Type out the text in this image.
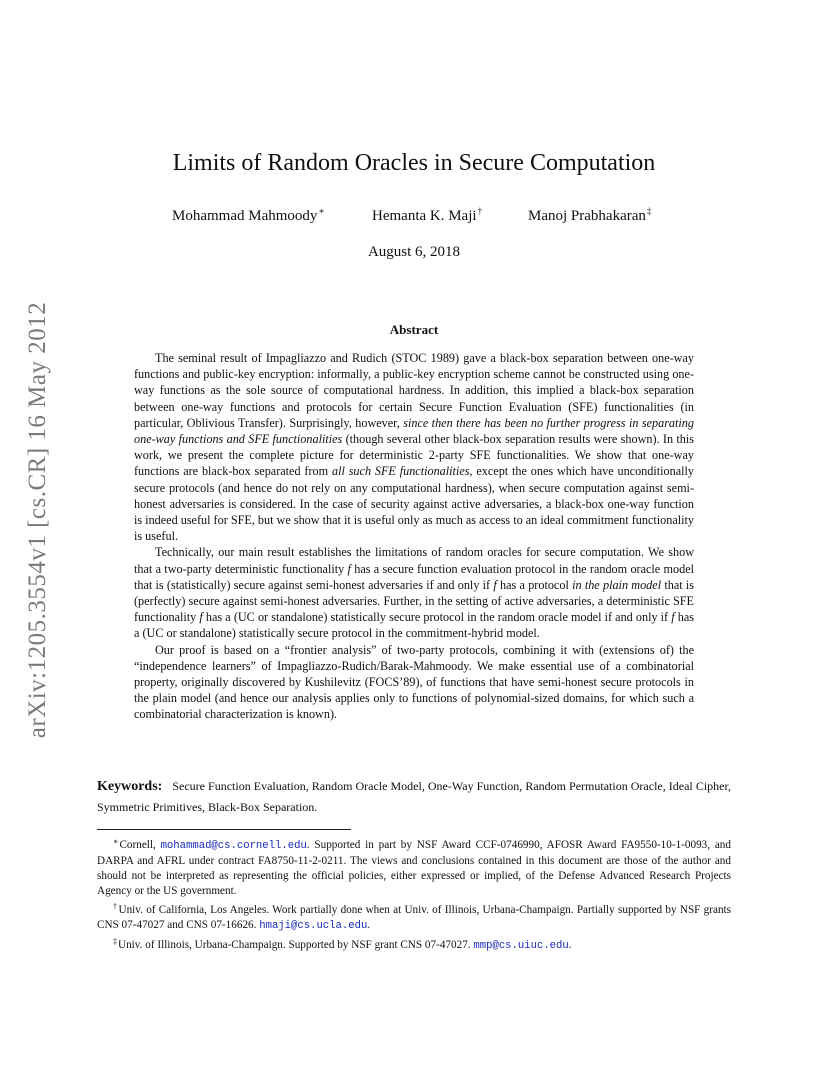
arXiv:1205.3554v1 [cs.CR] 16 May 2012
Limits of Random Oracles in Secure Computation
Mohammad Mahmoody∗	Hemanta K. Maji†	Manoj Prabhakaran‡
August 6, 2018
Abstract

The seminal result of Impagliazzo and Rudich (STOC 1989) gave a black-box separation between one-way functions and public-key encryption: informally, a public-key encryption scheme cannot be constructed using one-way functions as the sole source of computational hardness. In addition, this implied a black-box separation between one-way functions and protocols for certain Secure Function Evaluation (SFE) functionalities (in particular, Oblivious Transfer). Surprisingly, however, since then there has been no further progress in separating one-way functions and SFE functionalities (though several other black-box separation results were shown). In this work, we present the complete picture for deterministic 2-party SFE functionalities. We show that one-way functions are black-box separated from all such SFE functionalities, except the ones which have unconditionally secure protocols (and hence do not rely on any computational hardness), when secure computation against semi-honest adversaries is considered. In the case of security against active adversaries, a black-box one-way function is indeed useful for SFE, but we show that it is useful only as much as access to an ideal commitment functionality is useful.

Technically, our main result establishes the limitations of random oracles for secure computation. We show that a two-party deterministic functionality f has a secure function evaluation protocol in the random oracle model that is (statistically) secure against semi-honest adversaries if and only if f has a protocol in the plain model that is (perfectly) secure against semi-honest adversaries. Further, in the setting of active adversaries, a deterministic SFE functionality f has a (UC or standalone) statistically secure protocol in the random oracle model if and only if f has a (UC or standalone) statistically secure protocol in the commitment-hybrid model.

Our proof is based on a “frontier analysis” of two-party protocols, combining it with (extensions of) the “independence learners” of Impagliazzo-Rudich/Barak-Mahmoody. We make essential use of a combinatorial property, originally discovered by Kushilevitz (FOCS’89), of functions that have semi-honest secure protocols in the plain model (and hence our analysis applies only to functions of polynomial-sized domains, for which such a combinatorial characterization is known).

Keywords: Secure Function Evaluation, Random Oracle Model, One-Way Function, Random Permutation Oracle, Ideal Cipher, Symmetric Primitives, Black-Box Separation.

∗Cornell, mohammad@cs.cornell.edu. Supported in part by NSF Award CCF-0746990, AFOSR Award FA9550-10-1-0093, and DARPA and AFRL under contract FA8750-11-2-0211. The views and conclusions contained in this document are those of the author and should not be interpreted as representing the official policies, either expressed or implied, of the Defense Advanced Research Projects Agency or the US government.

†Univ. of California, Los Angeles. Work partially done when at Univ. of Illinois, Urbana-Champaign. Partially supported by NSF grants CNS 07-47027 and CNS 07-16626. hmaji@cs.ucla.edu.

‡Univ. of Illinois, Urbana-Champaign. Supported by NSF grant CNS 07-47027. mmp@cs.uiuc.edu.
